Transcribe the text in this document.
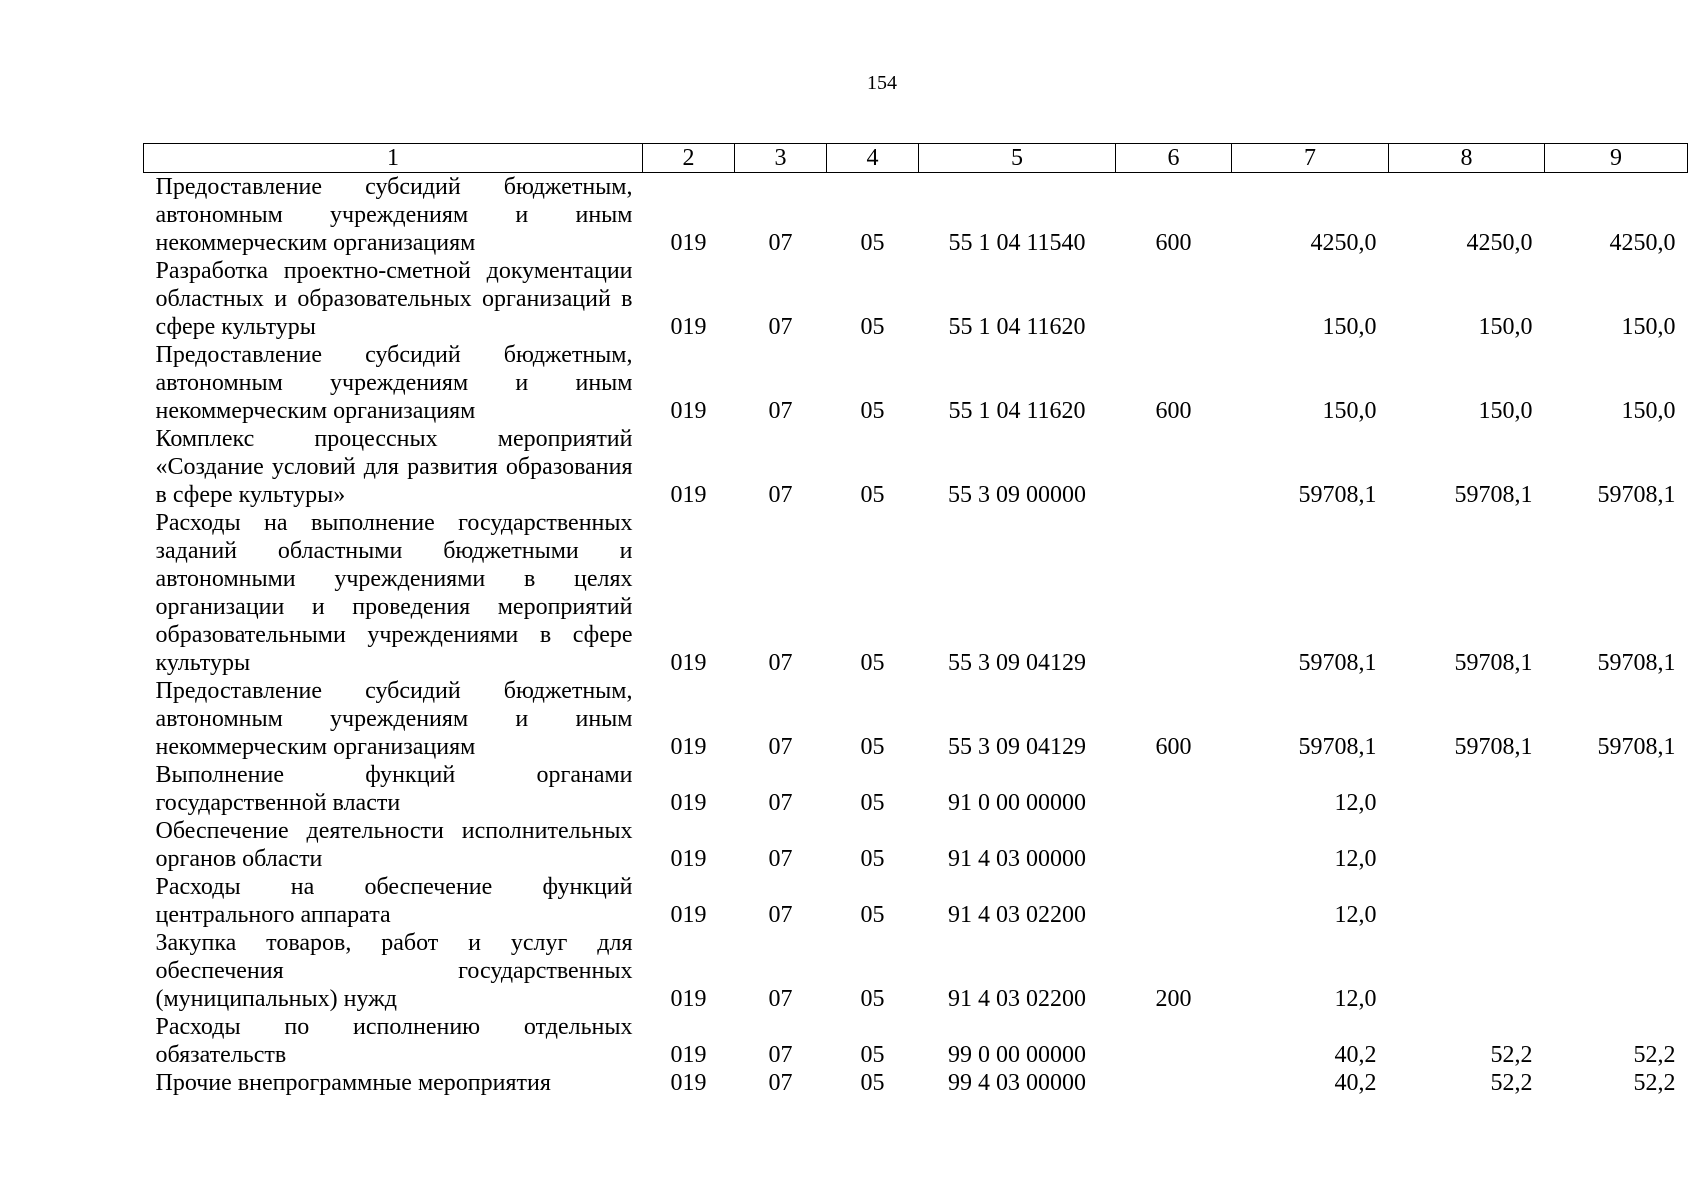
154
1	2	3	4	5	6	7	8	9
Предоставление субсидий бюджетным, автономным учреждениям и иным некоммерческим организациям	019	07	05	55 1 04 11540	600	4250,0	4250,0	4250,0
Разработка проектно-сметной документации областных и образовательных организаций в сфере культуры	019	07	05	55 1 04 11620		150,0	150,0	150,0
Предоставление субсидий бюджетным, автономным учреждениям и иным некоммерческим организациям	019	07	05	55 1 04 11620	600	150,0	150,0	150,0
Комплекс процессных мероприятий «Создание условий для развития образования в сфере культуры»	019	07	05	55 3 09 00000		59708,1	59708,1	59708,1
Расходы на выполнение государственных заданий областными бюджетными и автономными учреждениями в целях организации и проведения мероприятий образовательными учреждениями в сфере культуры	019	07	05	55 3 09 04129		59708,1	59708,1	59708,1
Предоставление субсидий бюджетным, автономным учреждениям и иным некоммерческим организациям	019	07	05	55 3 09 04129	600	59708,1	59708,1	59708,1
Выполнение функций органами государственной власти	019	07	05	91 0 00 00000		12,0		
Обеспечение деятельности исполнительных органов области	019	07	05	91 4 03 00000		12,0		
Расходы на обеспечение функций центрального аппарата	019	07	05	91 4 03 02200		12,0		
Закупка товаров, работ и услуг для обеспечения государственных (муниципальных) нужд	019	07	05	91 4 03 02200	200	12,0		
Расходы по исполнению отдельных обязательств	019	07	05	99 0 00 00000		40,2	52,2	52,2
Прочие внепрограммные мероприятия	019	07	05	99 4 03 00000		40,2	52,2	52,2
